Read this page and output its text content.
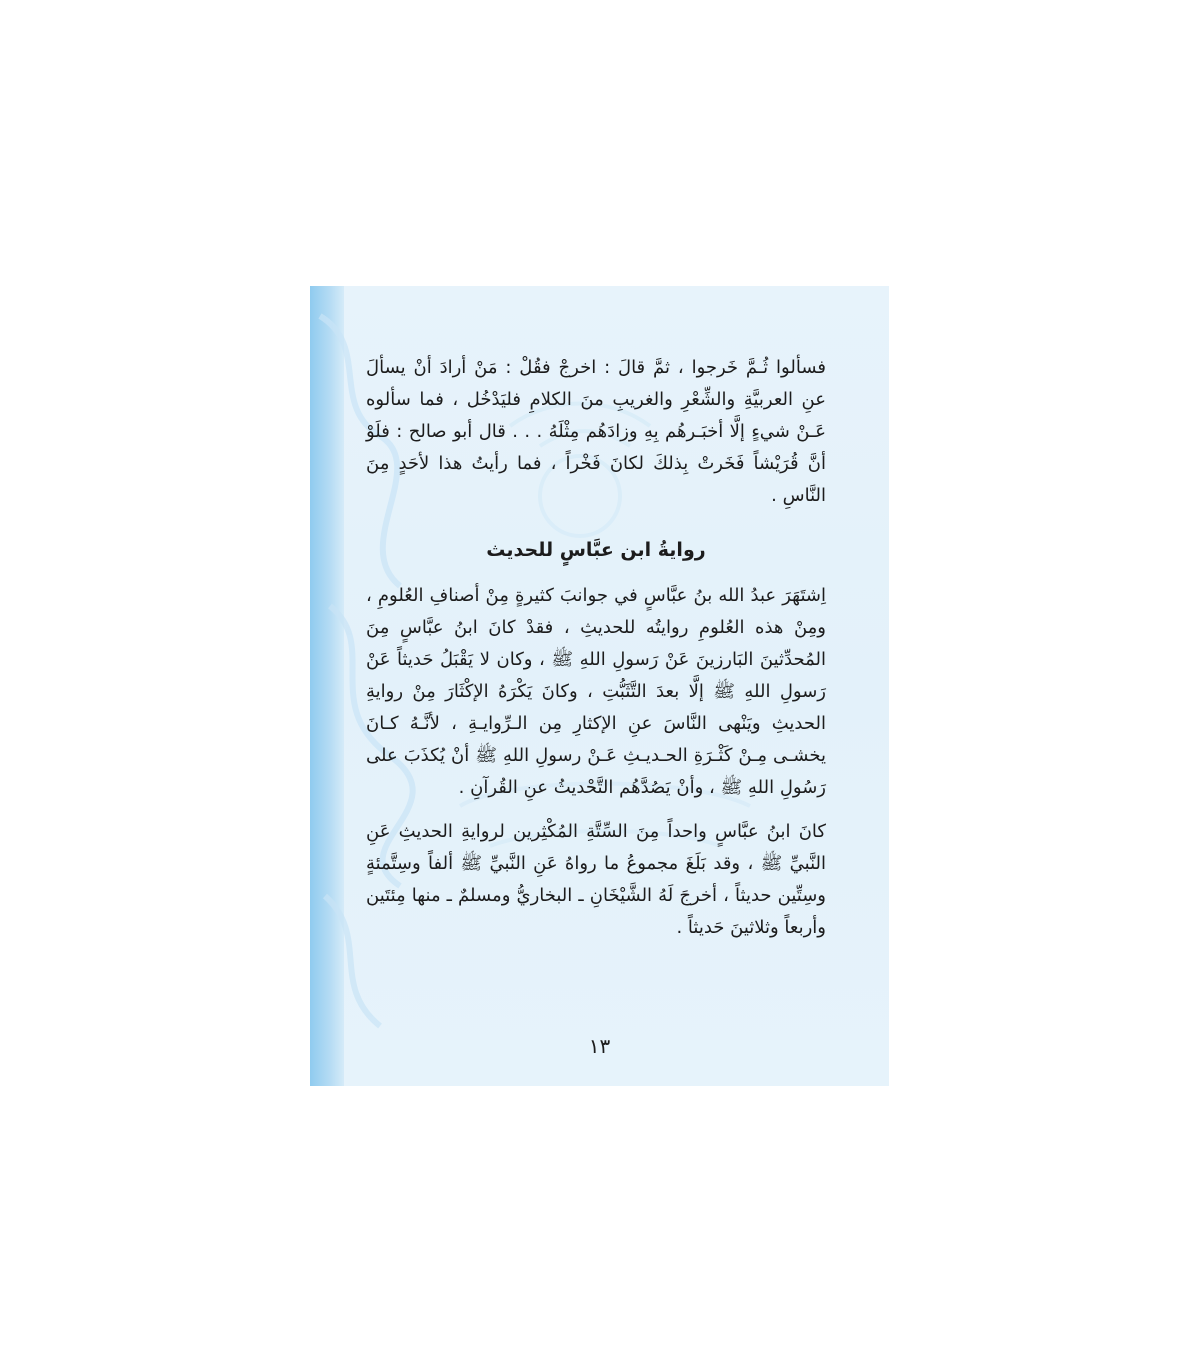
فسألوا ثُـمَّ خَرجوا ، ثمَّ قالَ : اخرجْ فقُلْ : مَنْ أرادَ أنْ يسألَ عنِ العربيَّةِ والشِّعْرِ والغريبِ منَ الكلامِ فليَدْخُل ، فما سألوه عَـنْ شيءٍ إلَّا أخبَـرهُم بِهِ وزادَهُم مِثْلَهُ . . . قال أبو صالح : فلَوْ أنَّ قُرَيْشاً فَخَرتْ بِذلكَ لكانَ فَخْراً ، فما رأيتُ هذا لأحَدٍ مِنَ النَّاسِ .

روايةُ ابن عبَّاسٍ للحديث

اِشتَهَرَ عبدُ الله بنُ عبَّاسٍ في جوانبَ كثيرةٍ مِنْ أصنافِ العُلومِ ، ومِنْ هذه العُلومِ روايتُه للحديثِ ، فقدْ كانَ ابنُ عبَّاسٍ مِنَ المُحدِّثينَ البَارزينَ عَنْ رَسولِ اللهِ ﷺ ، وكان لا يَقْبَلُ حَديثاً عَنْ رَسولِ اللهِ ﷺ إلَّا بعدَ التَّثَبُّتِ ، وكانَ يَكْرَهُ الإكْثَارَ مِنْ روايةِ الحديثِ ويَنْهى النَّاسَ عنِ الإكثارِ مِن الـرِّوايـةِ ، لأنَّـهُ كـانَ يخشـى مِـنْ كَثْـرَةِ الحـديـثِ عَـنْ رسولِ اللهِ ﷺ أنْ يُكذَبَ على رَسُولِ اللهِ ﷺ ، وأنْ يَصُدَّهُم التَّحْديثُ عنِ القُرآنِ .

كانَ ابنُ عبَّاسٍ واحداً مِنَ السِّتَّةِ المُكْثِرين لروايةِ الحديثِ عَنِ النَّبيِّ ﷺ ، وقد بَلَغَ مجموعُ ما رواهُ عَنِ النَّبيِّ ﷺ ألفاً وسِتَّمئةٍ وسِتِّين حديثاً ، أخرجَ لَهُ الشَّيْخَانِ ـ البخاريُّ ومسلمٌ ـ منها مِئتَين وأربعاً وثلاثينَ حَديثاً .

١٣
